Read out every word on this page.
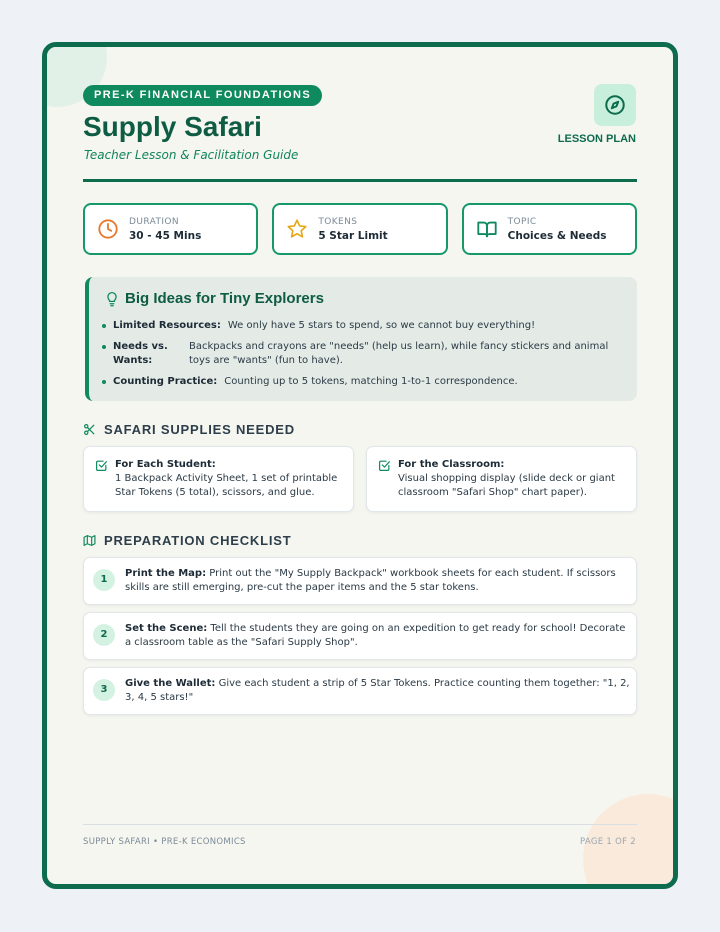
PRE-K FINANCIAL FOUNDATIONS
Supply Safari
Teacher Lesson & Facilitation Guide
LESSON PLAN
DURATION
30 - 45 Mins
TOKENS
5 Star Limit
TOPIC
Choices & Needs
Big Ideas for Tiny Explorers
Limited Resources: We only have 5 stars to spend, so we cannot buy everything!
Needs vs. Wants:
Backpacks and crayons are "needs" (help us learn), while fancy stickers and animal toys are "wants" (fun to have).
Counting Practice: Counting up to 5 tokens, matching 1-to-1 correspondence.
SAFARI SUPPLIES NEEDED
For Each Student:
1 Backpack Activity Sheet, 1 set of printable Star Tokens (5 total), scissors, and glue.
For the Classroom:
Visual shopping display (slide deck or giant classroom "Safari Shop" chart paper).
PREPARATION CHECKLIST
1
Print the Map: Print out the "My Supply Backpack" workbook sheets for each student. If scissors skills are still emerging, pre-cut the paper items and the 5 star tokens.
2
Set the Scene: Tell the students they are going on an expedition to get ready for school! Decorate a classroom table as the "Safari Supply Shop".
3
Give the Wallet: Give each student a strip of 5 Star Tokens. Practice counting them together: "1, 2, 3, 4, 5 stars!"
SUPPLY SAFARI • PRE-K ECONOMICS	PAGE 1 OF 2
